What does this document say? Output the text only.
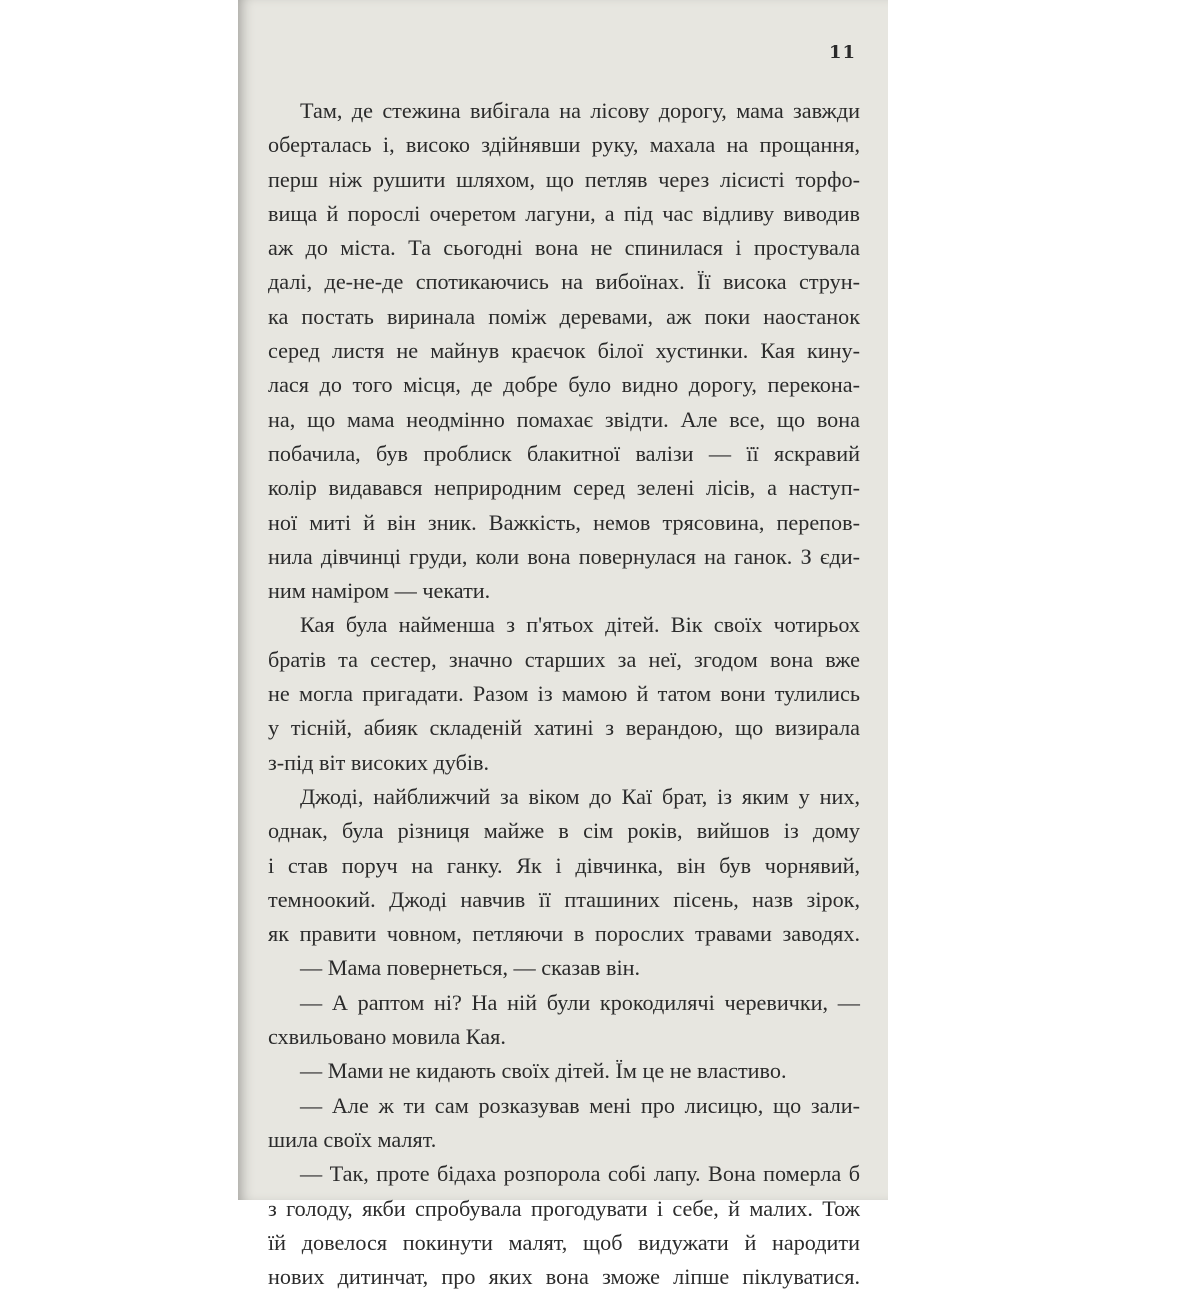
11
Там, де стежина вибігала на лісову дорогу, мама завжди
оберталась і, високо здійнявши руку, махала на прощання,
перш ніж рушити шляхом, що петляв через лісисті торфо-
вища й порослі очеретом лагуни, а під час відливу виводив
аж до міста. Та сьогодні вона не спинилася і простувала
далі, де-не-де спотикаючись на вибоїнах. Її висока струн-
ка постать виринала поміж деревами, аж поки наостанок
серед листя не майнув краєчок білої хустинки. Кая кину-
лася до того місця, де добре було видно дорогу, перекона-
на, що мама неодмінно помахає звідти. Але все, що вона
побачила, був проблиск блакитної валізи — її яскравий
колір видавався неприродним серед зелені лісів, а наступ-
ної миті й він зник. Важкість, немов трясовина, перепов-
нила дівчинці груди, коли вона повернулася на ганок. З єди-
ним наміром — чекати.
Кая була найменша з п'ятьох дітей. Вік своїх чотирьох
братів та сестер, значно старших за неї, згодом вона вже
не могла пригадати. Разом із мамою й татом вони тулились
у тісній, абияк складеній хатині з верандою, що визирала
з-під віт високих дубів.
Джоді, найближчий за віком до Каї брат, із яким у них,
однак, була різниця майже в сім років, вийшов із дому
і став поруч на ганку. Як і дівчинка, він був чорнявий,
темноокий. Джоді навчив її пташиних пісень, назв зірок,
як правити човном, петляючи в порослих травами заводях.
— Мама повернеться, — сказав він.
— А раптом ні? На ній були крокодилячі черевички, —
схвильовано мовила Кая.
— Мами не кидають своїх дітей. Їм це не властиво.
— Але ж ти сам розказував мені про лисицю, що зали-
шила своїх малят.
— Так, проте бідаха розпорола собі лапу. Вона померла б
з голоду, якби спробувала прогодувати і себе, й малих. Тож
їй довелося покинути малят, щоб видужати й народити
нових дитинчат, про яких вона зможе ліпше піклуватися.
